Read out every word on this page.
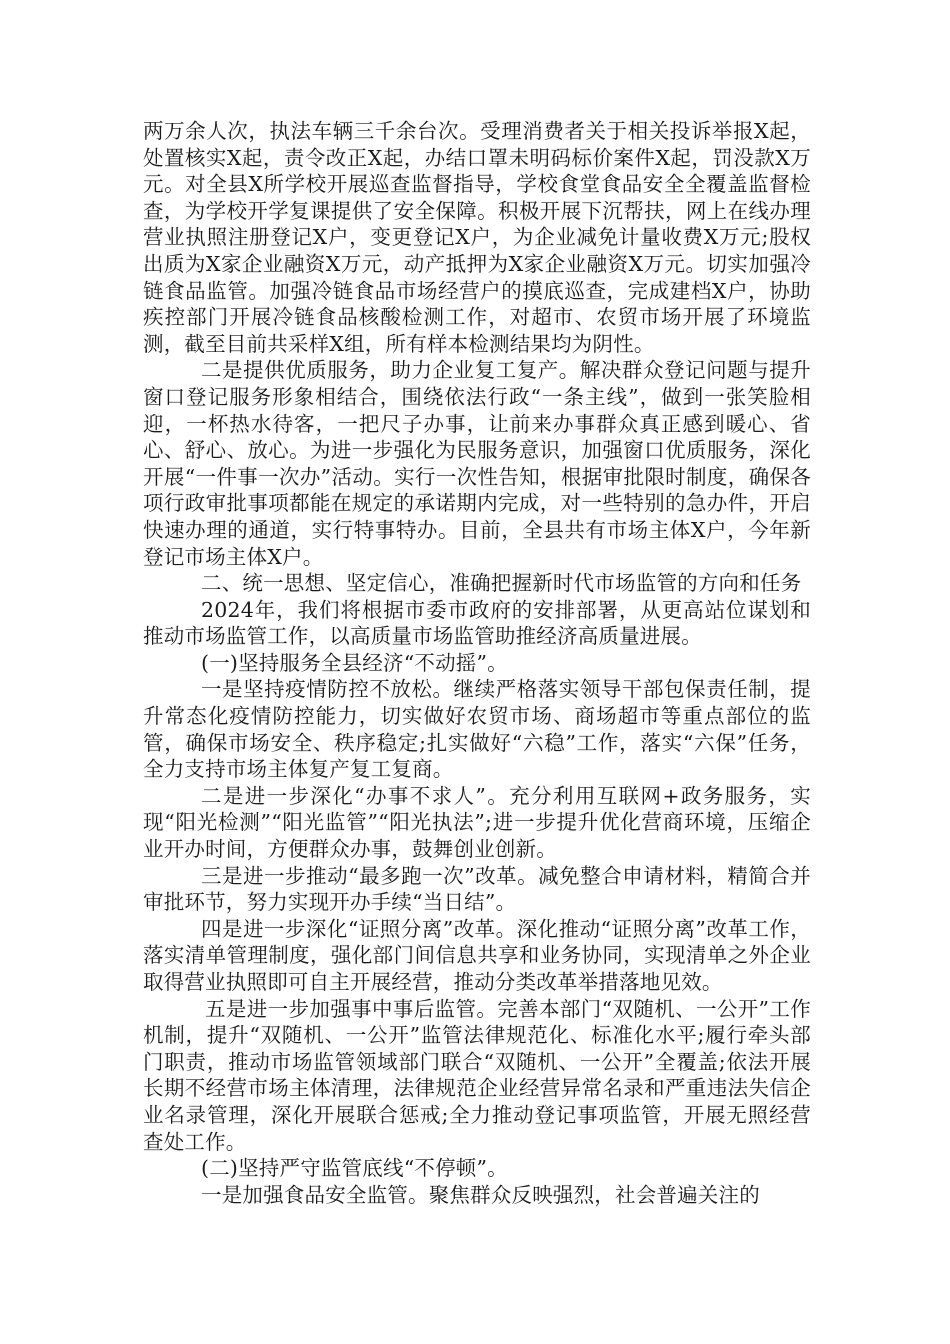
两万余人次，执法车辆三千余台次。受理消费者关于相关投诉举报X起，处置核实X起，责令改正X起，办结口罩未明码标价案件X起，罚没款X万元。对全县X所学校开展巡查监督指导，学校食堂食品安全全覆盖监督检查，为学校开学复课提供了安全保障。积极开展下沉帮扶，网上在线办理营业执照注册登记X户，变更登记X户，为企业减免计量收费X万元;股权出质为X家企业融资X万元，动产抵押为X家企业融资X万元。切实加强冷链食品监管。加强冷链食品市场经营户的摸底巡查，完成建档X户，协助疾控部门开展冷链食品核酸检测工作，对超市、农贸市场开展了环境监测，截至目前共采样X组，所有样本检测结果均为阴性。

二是提供优质服务，助力企业复工复产。解决群众登记问题与提升窗口登记服务形象相结合，围绕依法行政“一条主线”，做到一张笑脸相迎，一杯热水待客，一把尺子办事，让前来办事群众真正感到暖心、省心、舒心、放心。为进一步强化为民服务意识，加强窗口优质服务，深化开展“一件事一次办”活动。实行一次性告知，根据审批限时制度，确保各项行政审批事项都能在规定的承诺期内完成，对一些特别的急办件，开启快速办理的通道，实行特事特办。目前，全县共有市场主体X户，今年新登记市场主体X户。

二、统一思想、坚定信心，准确把握新时代市场监管的方向和任务

2024年，我们将根据市委市政府的安排部署，从更高站位谋划和推动市场监管工作，以高质量市场监管助推经济高质量进展。

(一)坚持服务全县经济“不动摇”。

一是坚持疫情防控不放松。继续严格落实领导干部包保责任制，提升常态化疫情防控能力，切实做好农贸市场、商场超市等重点部位的监管，确保市场安全、秩序稳定;扎实做好“六稳”工作，落实“六保”任务，全力支持市场主体复产复工复商。

二是进一步深化“办事不求人”。充分利用互联网+政务服务，实现“阳光检测”“阳光监管”“阳光执法”;进一步提升优化营商环境，压缩企业开办时间，方便群众办事，鼓舞创业创新。

三是进一步推动“最多跑一次”改革。减免整合申请材料，精简合并审批环节，努力实现开办手续“当日结”。

四是进一步深化“证照分离”改革。深化推动“证照分离”改革工作，落实清单管理制度，强化部门间信息共享和业务协同，实现清单之外企业取得营业执照即可自主开展经营，推动分类改革举措落地见效。

五是进一步加强事中事后监管。完善本部门“双随机、一公开”工作机制，提升“双随机、一公开”监管法律规范化、标准化水平;履行牵头部门职责，推动市场监管领域部门联合“双随机、一公开”全覆盖;依法开展长期不经营市场主体清理，法律规范企业经营异常名录和严重违法失信企业名录管理，深化开展联合惩戒;全力推动登记事项监管，开展无照经营查处工作。

(二)坚持严守监管底线“不停顿”。

一是加强食品安全监管。聚焦群众反映强烈，社会普遍关注的
